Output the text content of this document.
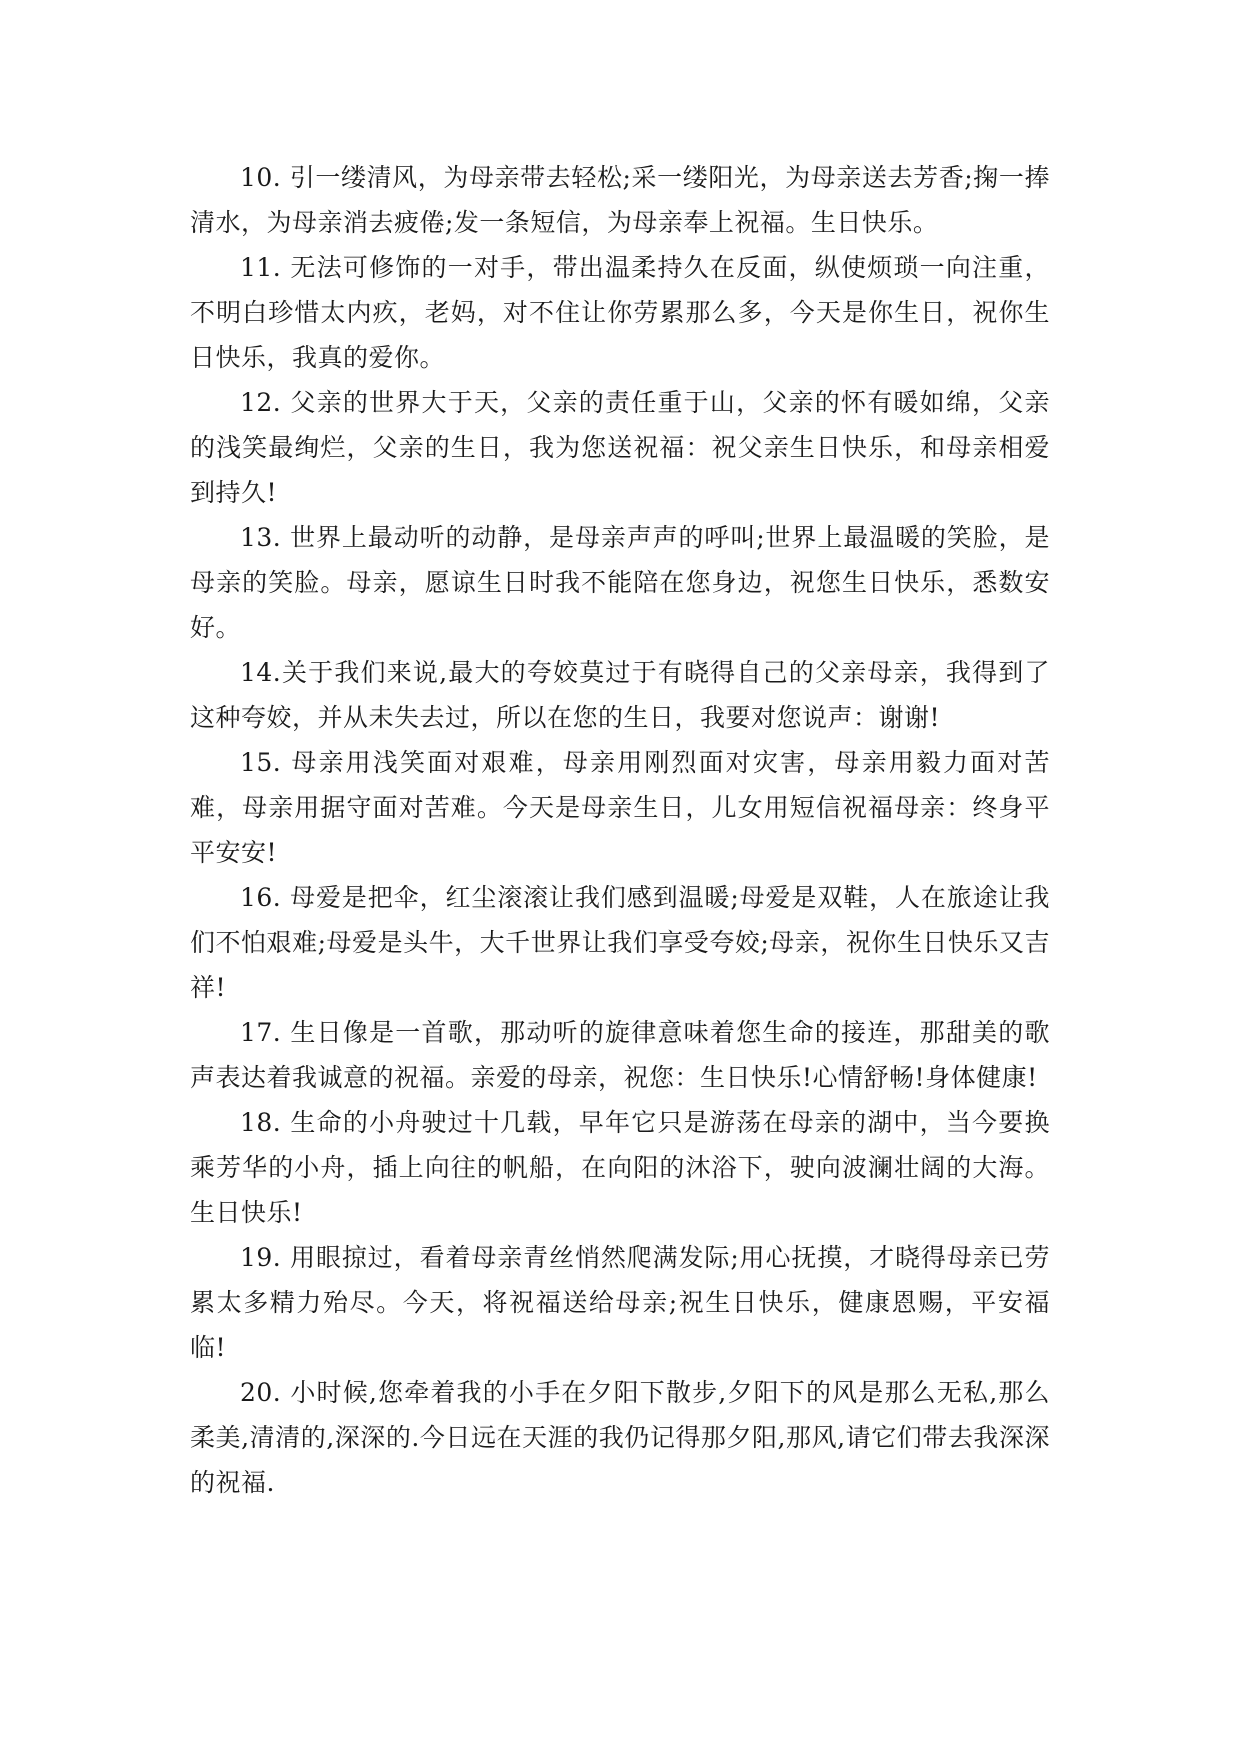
10. 引一缕清风，为母亲带去轻松;采一缕阳光，为母亲送去芳香;掬一捧清水，为母亲消去疲倦;发一条短信，为母亲奉上祝福。生日快乐。

11. 无法可修饰的一对手，带出温柔持久在反面，纵使烦琐一向注重，不明白珍惜太内疚，老妈，对不住让你劳累那么多，今天是你生日，祝你生日快乐，我真的爱你。

12. 父亲的世界大于天，父亲的责任重于山，父亲的怀有暖如绵，父亲的浅笑最绚烂，父亲的生日，我为您送祝福：祝父亲生日快乐，和母亲相爱到持久!

13. 世界上最动听的动静，是母亲声声的呼叫;世界上最温暖的笑脸，是母亲的笑脸。母亲，愿谅生日时我不能陪在您身边，祝您生日快乐，悉数安好。

14.关于我们来说,最大的夸姣莫过于有晓得自己的父亲母亲，我得到了这种夸姣，并从未失去过，所以在您的生日，我要对您说声：谢谢!

15. 母亲用浅笑面对艰难，母亲用刚烈面对灾害，母亲用毅力面对苦难，母亲用据守面对苦难。今天是母亲生日，儿女用短信祝福母亲：终身平平安安!

16. 母爱是把伞，红尘滚滚让我们感到温暖;母爱是双鞋，人在旅途让我们不怕艰难;母爱是头牛，大千世界让我们享受夸姣;母亲，祝你生日快乐又吉祥!

17. 生日像是一首歌，那动听的旋律意味着您生命的接连，那甜美的歌声表达着我诚意的祝福。亲爱的母亲，祝您：生日快乐!心情舒畅!身体健康!

18. 生命的小舟驶过十几载，早年它只是游荡在母亲的湖中，当今要换乘芳华的小舟，插上向往的帆船，在向阳的沐浴下，驶向波澜壮阔的大海。生日快乐!

19. 用眼掠过，看着母亲青丝悄然爬满发际;用心抚摸，才晓得母亲已劳累太多精力殆尽。今天，将祝福送给母亲;祝生日快乐，健康恩赐，平安福临!

20. 小时候,您牵着我的小手在夕阳下散步,夕阳下的风是那么无私,那么柔美,清清的,深深的.今日远在天涯的我仍记得那夕阳,那风,请它们带去我深深的祝福.
